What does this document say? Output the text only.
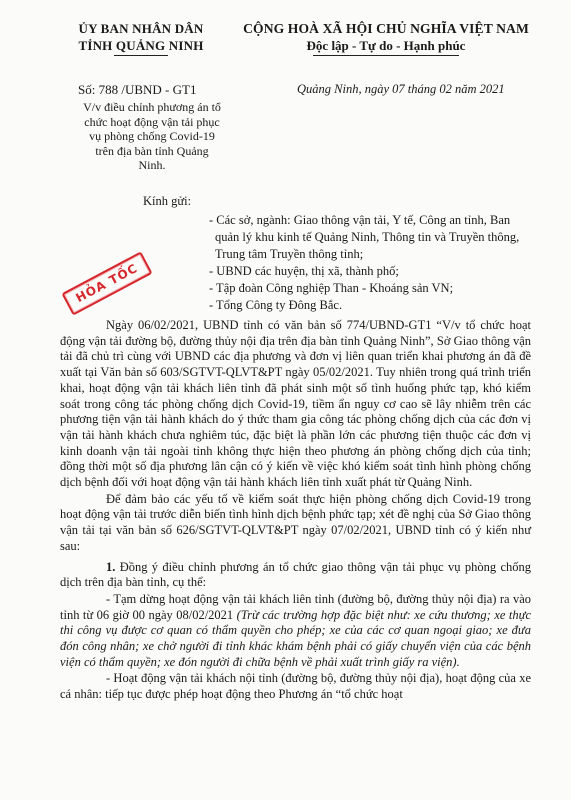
ỦY BAN NHÂN DÂN
TỈNH QUẢNG NINH
Số: 788 /UBND - GT1
V/v điều chỉnh phương án tổ chức hoạt động vận tải phục vụ phòng chống Covid-19 trên địa bàn tỉnh Quảng Ninh.
CỘNG HOÀ XÃ HỘI CHỦ NGHĨA VIỆT NAM
Độc lập - Tự do - Hạnh phúc
Quảng Ninh, ngày 07 tháng 02 năm 2021
Kính gửi:

- Các sở, ngành: Giao thông vận tải, Y tế, Công an tỉnh, Ban quản lý khu kinh tế Quảng Ninh, Thông tin và Truyền thông, Trung tâm Truyền thông tỉnh;

- UBND các huyện, thị xã, thành phố;

- Tập đoàn Công nghiệp Than - Khoáng sản VN;

- Tổng Công ty Đông Bắc.

HỎA TỐC

Ngày 06/02/2021, UBND tỉnh có văn bản số 774/UBND-GT1 “V/v tổ chức hoạt động vận tải đường bộ, đường thủy nội địa trên địa bàn tỉnh Quảng Ninh”, Sở Giao thông vận tải đã chủ trì cùng với UBND các địa phương và đơn vị liên quan triển khai phương án đã đề xuất tại Văn bản số 603/SGTVT-QLVT&PT ngày 05/02/2021. Tuy nhiên trong quá trình triển khai, hoạt động vận tải khách liên tỉnh đã phát sinh một số tình huống phức tạp, khó kiểm soát trong công tác phòng chống dịch Covid-19, tiềm ẩn nguy cơ cao sẽ lây nhiễm trên các phương tiện vận tải hành khách do ý thức tham gia công tác phòng chống dịch của các đơn vị vận tải hành khách chưa nghiêm túc, đặc biệt là phần lớn các phương tiện thuộc các đơn vị kinh doanh vận tải ngoài tỉnh không thực hiện theo phương án phòng chống dịch của tỉnh; đồng thời một số địa phương lân cận có ý kiến về việc khó kiểm soát tình hình phòng chống dịch bệnh đối với hoạt động vận tải hành khách liên tỉnh xuất phát từ Quảng Ninh.

Để đảm bảo các yếu tố về kiểm soát thực hiện phòng chống dịch Covid-19 trong hoạt động vận tải trước diễn biến tình hình dịch bệnh phức tạp; xét đề nghị của Sở Giao thông vận tải tại văn bản số 626/SGTVT-QLVT&PT ngày 07/02/2021, UBND tỉnh có ý kiến như sau:

1. Đồng ý điều chỉnh phương án tổ chức giao thông vận tải phục vụ phòng chống dịch trên địa bàn tỉnh, cụ thể:

- Tạm dừng hoạt động vận tải khách liên tỉnh (đường bộ, đường thủy nội địa) ra vào tỉnh từ 06 giờ 00 ngày 08/02/2021 (Trừ các trường hợp đặc biệt như: xe cứu thương; xe thực thi công vụ được cơ quan có thẩm quyền cho phép; xe của các cơ quan ngoại giao; xe đưa đón công nhân; xe chở người đi tỉnh khác khám bệnh phải có giấy chuyển viện của các bệnh viện có thẩm quyền; xe đón người đi chữa bệnh về phải xuất trình giấy ra viện).

- Hoạt động vận tải khách nội tỉnh (đường bộ, đường thủy nội địa), hoạt động của xe cá nhân: tiếp tục được phép hoạt động theo Phương án “tổ chức hoạt
